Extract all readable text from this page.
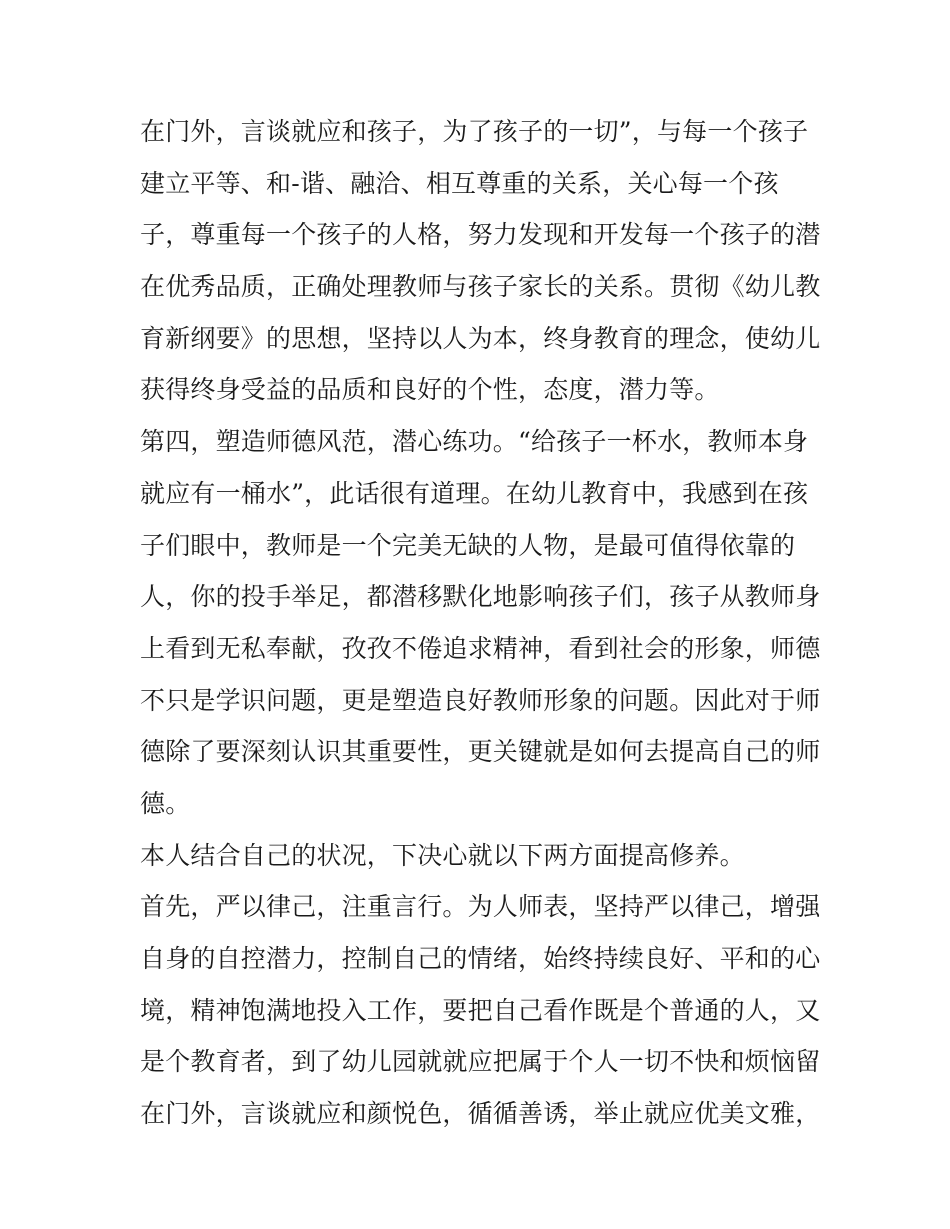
在门外，言谈就应和孩子，为了孩子的一切”，与每一个孩子
建立平等、和-谐、融洽、相互尊重的关系，关心每一个孩
子，尊重每一个孩子的人格，努力发现和开发每一个孩子的潜
在优秀品质，正确处理教师与孩子家长的关系。贯彻《幼儿教
育新纲要》的思想，坚持以人为本，终身教育的理念，使幼儿
获得终身受益的品质和良好的个性，态度，潜力等。
第四，塑造师德风范，潜心练功。“给孩子一杯水，教师本身
就应有一桶水”，此话很有道理。在幼儿教育中，我感到在孩
子们眼中，教师是一个完美无缺的人物，是最可值得依靠的
人，你的投手举足，都潜移默化地影响孩子们，孩子从教师身
上看到无私奉献，孜孜不倦追求精神，看到社会的形象，师德
不只是学识问题，更是塑造良好教师形象的问题。因此对于师
德除了要深刻认识其重要性，更关键就是如何去提高自己的师
德。
本人结合自己的状况，下决心就以下两方面提高修养。
首先，严以律己，注重言行。为人师表，坚持严以律己，增强
自身的自控潜力，控制自己的情绪，始终持续良好、平和的心
境，精神饱满地投入工作，要把自己看作既是个普通的人，又
是个教育者，到了幼儿园就就应把属于个人一切不快和烦恼留
在门外，言谈就应和颜悦色，循循善诱，举止就应优美文雅，
